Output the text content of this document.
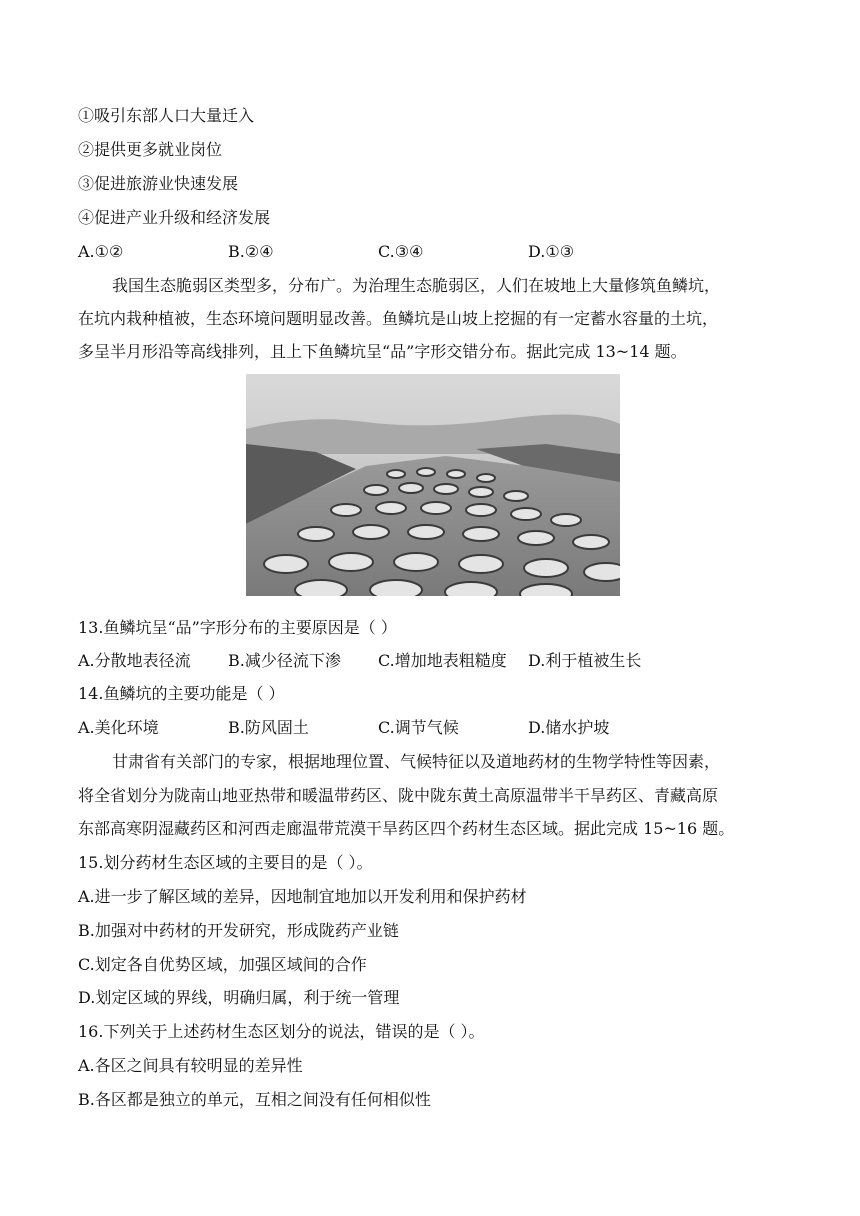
①吸引东部人口大量迁入
②提供更多就业岗位
③促进旅游业快速发展
④促进产业升级和经济发展
A.①②	B.②④	C.③④	D.①③
我国生态脆弱区类型多，分布广。为治理生态脆弱区，人们在坡地上大量修筑鱼鳞坑，
在坑内栽种植被，生态环境问题明显改善。鱼鳞坑是山坡上挖掘的有一定蓄水容量的土坑，
多呈半月形沿等高线排列，且上下鱼鳞坑呈“品”字形交错分布。据此完成 13~14 题。
13.鱼鳞坑呈“品”字形分布的主要原因是（ ）
A.分散地表径流 B.减少径流下渗 C.增加地表粗糙度 D.利于植被生长
14.鱼鳞坑的主要功能是（ ）
A.美化环境	B.防风固土	C.调节气候	D.储水护坡
甘肃省有关部门的专家，根据地理位置、气候特征以及道地药材的生物学特性等因素，
将全省划分为陇南山地亚热带和暖温带药区、陇中陇东黄土高原温带半干旱药区、青藏高原
东部高寒阴湿藏药区和河西走廊温带荒漠干旱药区四个药材生态区域。据此完成 15~16 题。
15.划分药材生态区域的主要目的是（ ）。
A.进一步了解区域的差异，因地制宜地加以开发利用和保护药材
B.加强对中药材的开发研究，形成陇药产业链
C.划定各自优势区域，加强区域间的合作
D.划定区域的界线，明确归属，利于统一管理
16.下列关于上述药材生态区划分的说法，错误的是（ ）。
A.各区之间具有较明显的差异性
B.各区都是独立的单元，互相之间没有任何相似性
